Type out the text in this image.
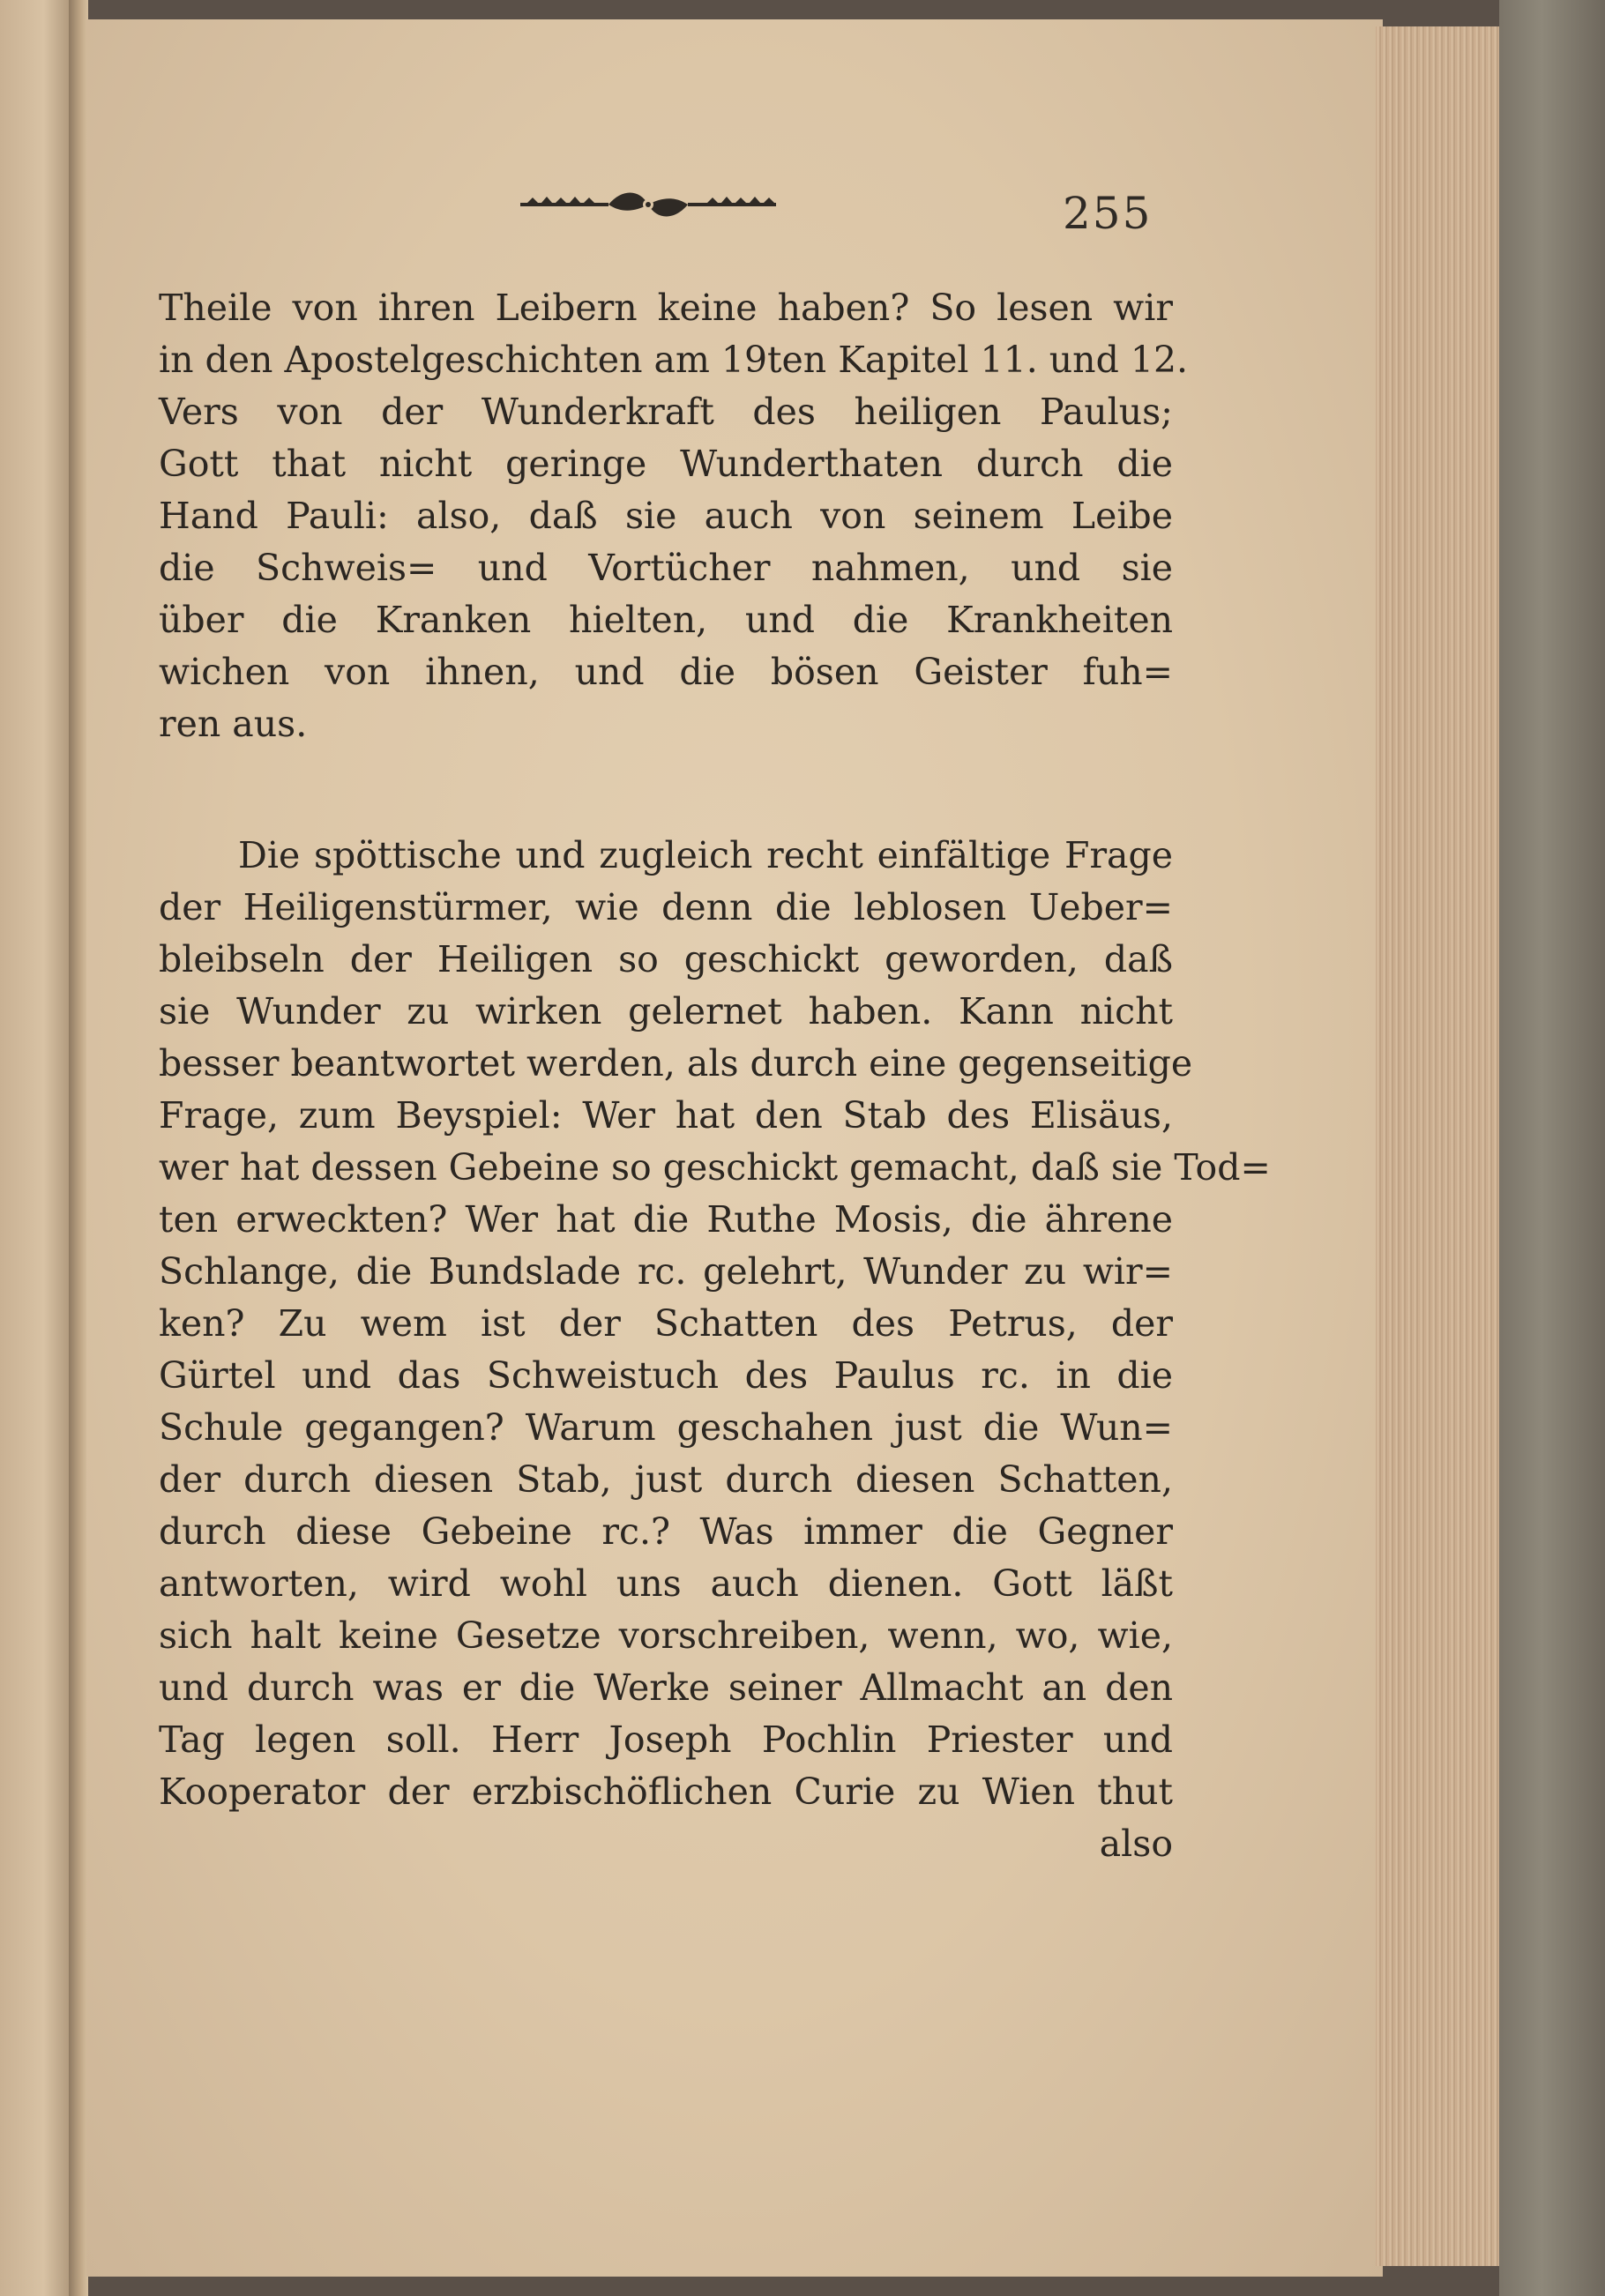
255
Theile von ihren Leibern keine haben? So lesen wir
in den Apostelgeschichten am 19ten Kapitel 11. und 12.
Vers von der Wunderkraft des heiligen Paulus;
Gott that nicht geringe Wunderthaten durch die
Hand Pauli: also, daß sie auch von seinem Leibe
die Schweis= und Vortücher nahmen, und sie
über die Kranken hielten, und die Krankheiten
wichen von ihnen, und die bösen Geister fuh=
ren aus.
Die spöttische und zugleich recht einfältige Frage
der Heiligenstürmer, wie denn die leblosen Ueber=
bleibseln der Heiligen so geschickt geworden, daß
sie Wunder zu wirken gelernet haben. Kann nicht
besser beantwortet werden, als durch eine gegenseitige
Frage, zum Beyspiel: Wer hat den Stab des Elisäus,
wer hat dessen Gebeine so geschickt gemacht, daß sie Tod=
ten erweckten? Wer hat die Ruthe Mosis, die ährene
Schlange, die Bundslade rc. gelehrt, Wunder zu wir=
ken? Zu wem ist der Schatten des Petrus, der
Gürtel und das Schweistuch des Paulus rc. in die
Schule gegangen? Warum geschahen just die Wun=
der durch diesen Stab, just durch diesen Schatten,
durch diese Gebeine rc.? Was immer die Gegner
antworten, wird wohl uns auch dienen. Gott läßt
sich halt keine Gesetze vorschreiben, wenn, wo, wie,
und durch was er die Werke seiner Allmacht an den
Tag legen soll. Herr Joseph Pochlin Priester und
Kooperator der erzbischöflichen Curie zu Wien thut
also
